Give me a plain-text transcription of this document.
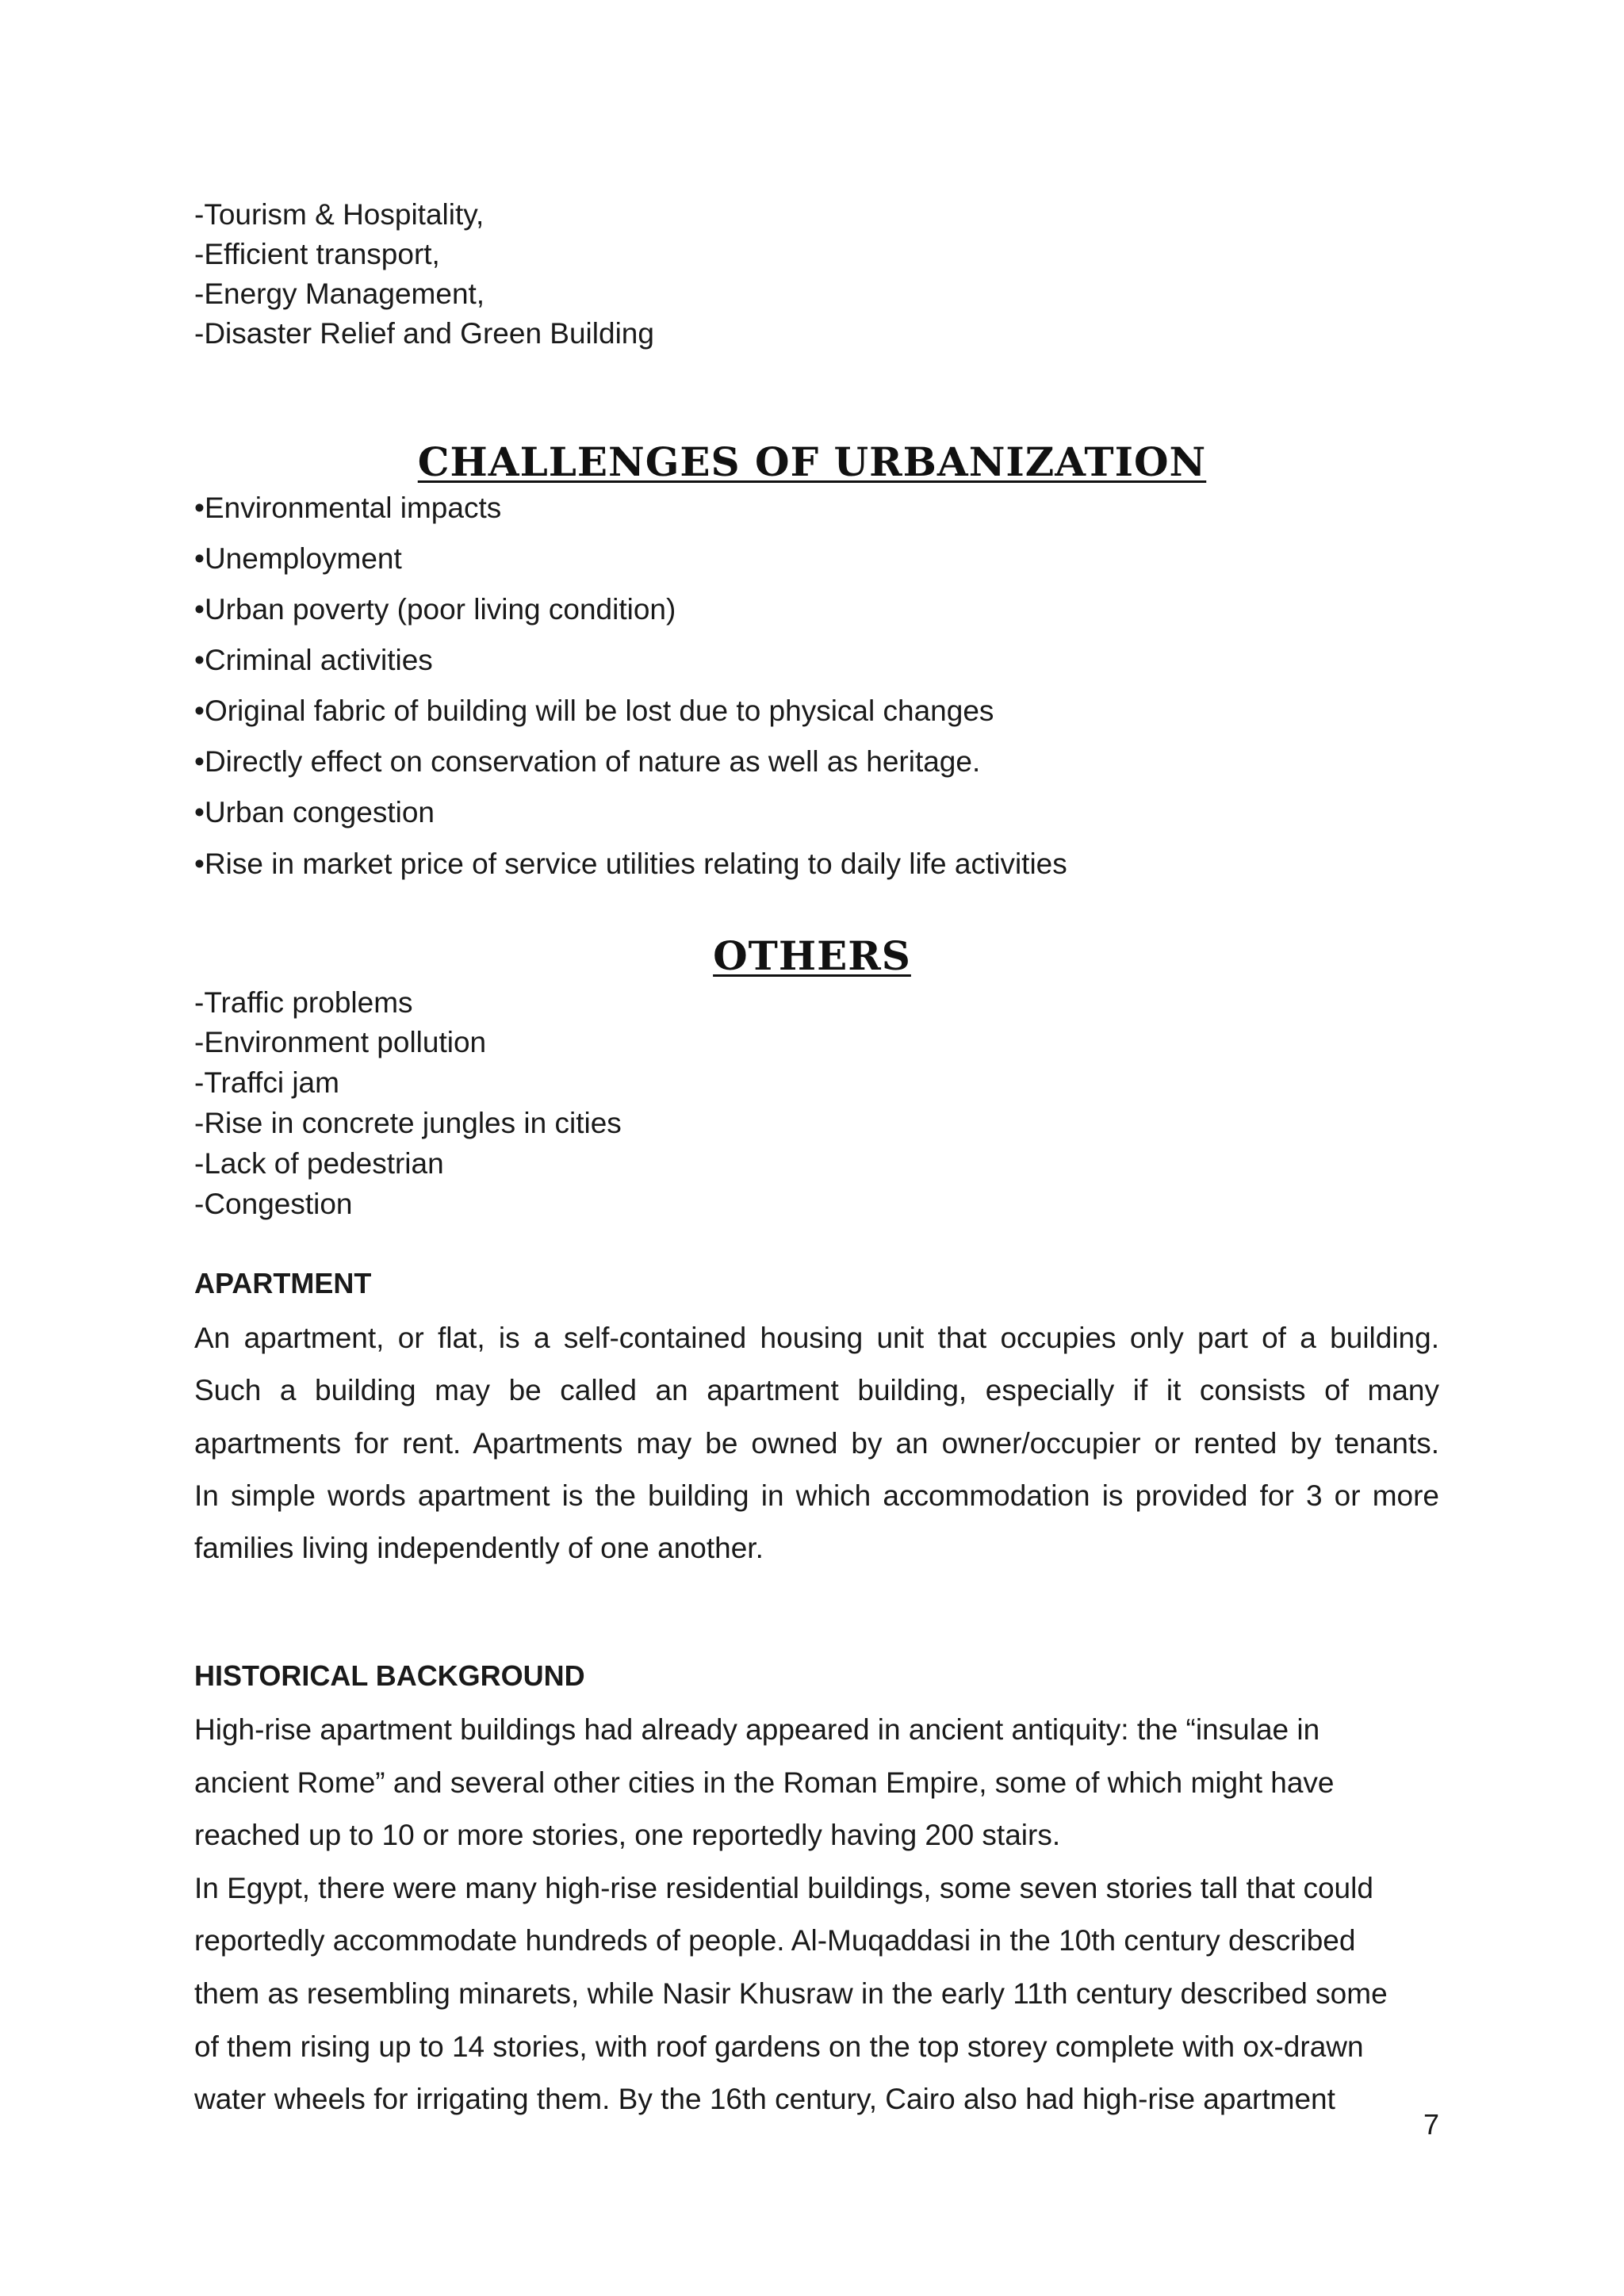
-Tourism & Hospitality,
-Efficient transport,
-Energy Management,
-Disaster Relief and Green Building
CHALLENGES OF URBANIZATION
•Environmental impacts
•Unemployment
•Urban poverty (poor living condition)
•Criminal activities
•Original fabric of building will be lost due to physical changes
•Directly effect on conservation of nature as well as heritage.
•Urban congestion
•Rise in market price of service utilities relating to daily life activities
OTHERS
-Traffic problems
-Environment pollution
-Traffci jam
-Rise in concrete jungles in cities
-Lack of pedestrian
-Congestion
APARTMENT
An apartment, or flat, is a self-contained housing unit that occupies only part of a building.
Such a building may be called an apartment building, especially if it consists of many
apartments for rent. Apartments may be owned by an owner/occupier or rented by tenants.
In simple words apartment is the building in which accommodation is provided for 3 or more
families living independently of one another.
HISTORICAL BACKGROUND
High-rise apartment buildings had already appeared in ancient antiquity: the “insulae in
ancient Rome” and several other cities in the Roman Empire, some of which might have
reached up to 10 or more stories, one reportedly having 200 stairs.
In Egypt, there were many high-rise residential buildings, some seven stories tall that could
reportedly accommodate hundreds of people. Al-Muqaddasi in the 10th century described
them as resembling minarets, while Nasir Khusraw in the early 11th century described some
of them rising up to 14 stories, with roof gardens on the top storey complete with ox-drawn
water wheels for irrigating them. By the 16th century, Cairo also had high-rise apartment
7
